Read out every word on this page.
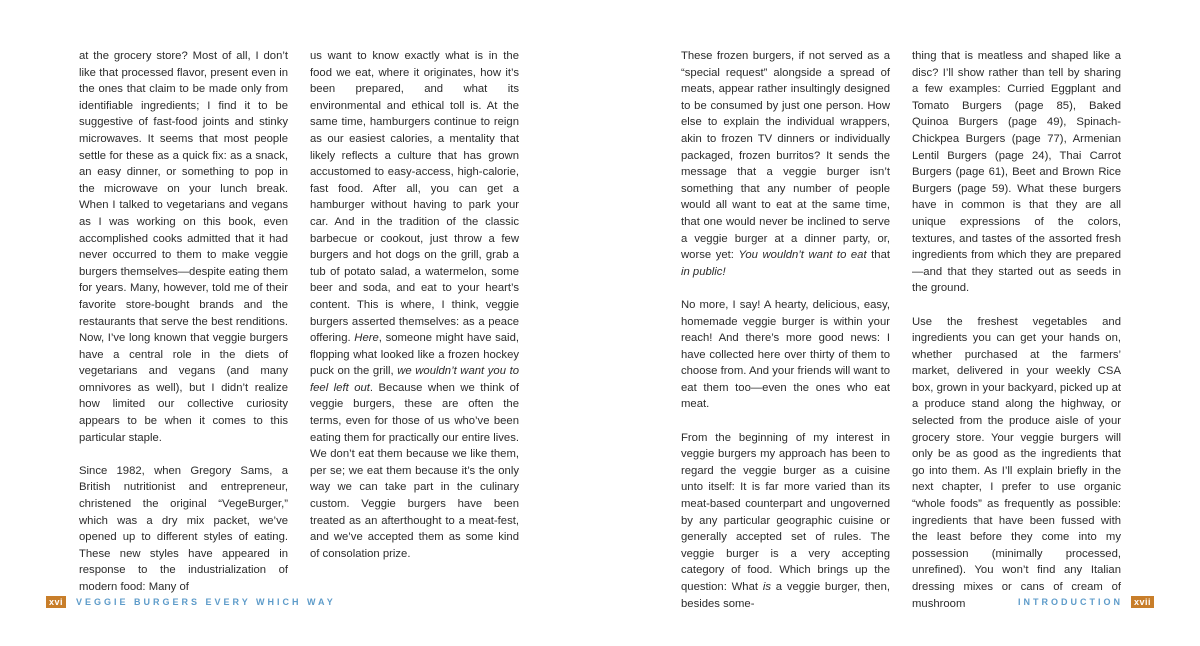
at the grocery store? Most of all, I don’t like that processed flavor, present even in the ones that claim to be made only from identifiable ingredients; I find it to be suggestive of fast-food joints and stinky microwaves. It seems that most people settle for these as a quick fix: as a snack, an easy dinner, or something to pop in the microwave on your lunch break. When I talked to vegetarians and vegans as I was working on this book, even accomplished cooks admitted that it had never occurred to them to make veggie burgers themselves—despite eating them for years. Many, however, told me of their favorite store-bought brands and the restaurants that serve the best renditions. Now, I’ve long known that veggie burgers have a central role in the diets of vegetarians and vegans (and many omnivores as well), but I didn’t realize how limited our collective curiosity appears to be when it comes to this particular staple.

Since 1982, when Gregory Sams, a British nutritionist and entrepreneur, christened the original “VegeBurger,” which was a dry mix packet, we’ve opened up to different styles of eating. These new styles have appeared in response to the industrialization of modern food: Many of

us want to know exactly what is in the food we eat, where it originates, how it’s been prepared, and what its environmental and ethical toll is. At the same time, hamburgers continue to reign as our easiest calories, a mentality that likely reflects a culture that has grown accustomed to easy-access, high-calorie, fast food. After all, you can get a hamburger without having to park your car. And in the tradition of the classic barbecue or cookout, just throw a few burgers and hot dogs on the grill, grab a tub of potato salad, a watermelon, some beer and soda, and eat to your heart’s content. This is where, I think, veggie burgers asserted themselves: as a peace offering. Here, someone might have said, flopping what looked like a frozen hockey puck on the grill, we wouldn’t want you to feel left out. Because when we think of veggie burgers, these are often the terms, even for those of us who’ve been eating them for practically our entire lives. We don’t eat them because we like them, per se; we eat them because it’s the only way we can take part in the culinary custom. Veggie burgers have been treated as an afterthought to a meat-fest, and we’ve accepted them as some kind of consolation prize.

xvi	VEGGIE BURGERS EVERY WHICH WAY

These frozen burgers, if not served as a “special request” alongside a spread of meats, appear rather insultingly designed to be consumed by just one person. How else to explain the individual wrappers, akin to frozen TV dinners or individually packaged, frozen burritos? It sends the message that a veggie burger isn’t something that any number of people would all want to eat at the same time, that one would never be inclined to serve a veggie burger at a dinner party, or, worse yet: You wouldn’t want to eat that in public!

No more, I say! A hearty, delicious, easy, homemade veggie burger is within your reach! And there’s more good news: I have collected here over thirty of them to choose from. And your friends will want to eat them too—even the ones who eat meat.

From the beginning of my interest in veggie burgers my approach has been to regard the veggie burger as a cuisine unto itself: It is far more varied than its meat-based counterpart and ungoverned by any particular geographic cuisine or generally accepted set of rules. The veggie burger is a very accepting category of food. Which brings up the question: What is a veggie burger, then, besides some-

thing that is meatless and shaped like a disc? I’ll show rather than tell by sharing a few examples: Curried Eggplant and Tomato Burgers (page 85), Baked Quinoa Burgers (page 49), Spinach-Chickpea Burgers (page 77), Armenian Lentil Burgers (page 24), Thai Carrot Burgers (page 61), Beet and Brown Rice Burgers (page 59). What these burgers have in common is that they are all unique expressions of the colors, textures, and tastes of the assorted fresh ingredients from which they are prepared—and that they started out as seeds in the ground.

Use the freshest vegetables and ingredients you can get your hands on, whether purchased at the farmers’ market, delivered in your weekly CSA box, grown in your backyard, picked up at a produce stand along the highway, or selected from the produce aisle of your grocery store. Your veggie burgers will only be as good as the ingredients that go into them. As I’ll explain briefly in the next chapter, I prefer to use organic “whole foods” as frequently as possible: ingredients that have been fussed with the least before they come into my possession (minimally processed, unrefined). You won’t find any Italian dressing mixes or cans of cream of mushroom	INTRODUCTION	xvii
